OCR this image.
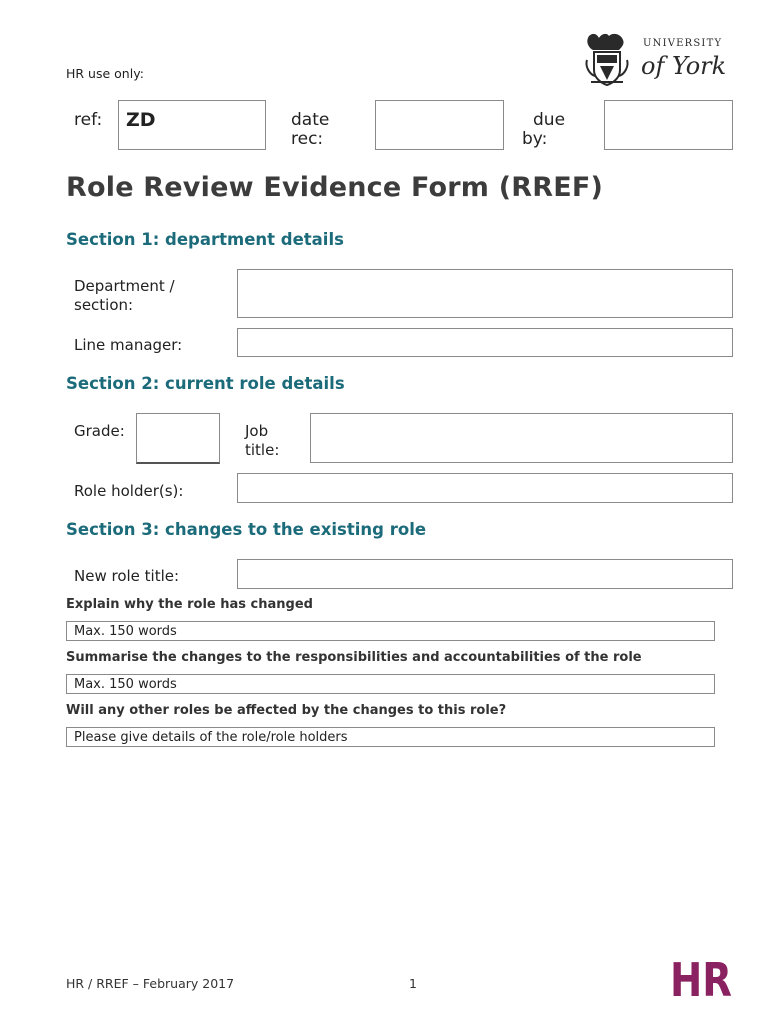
UNIVERSITY
of York
HR use only:
ref: ZD	date
rec:
due
by:
Role Review Evidence Form (RREF)
Section 1: department details
Department /
section:
Line manager:
Section 2: current role details
Grade:	Job
title:
Role holder(s):
Section 3: changes to the existing role
New role title:
Explain why the role has changed
Max. 150 words
Summarise the changes to the responsibilities and accountabilities of the role
Max. 150 words
Will any other roles be affected by the changes to this role?
Please give details of the role/role holders
HR / RREF – February 2017	1	HR
